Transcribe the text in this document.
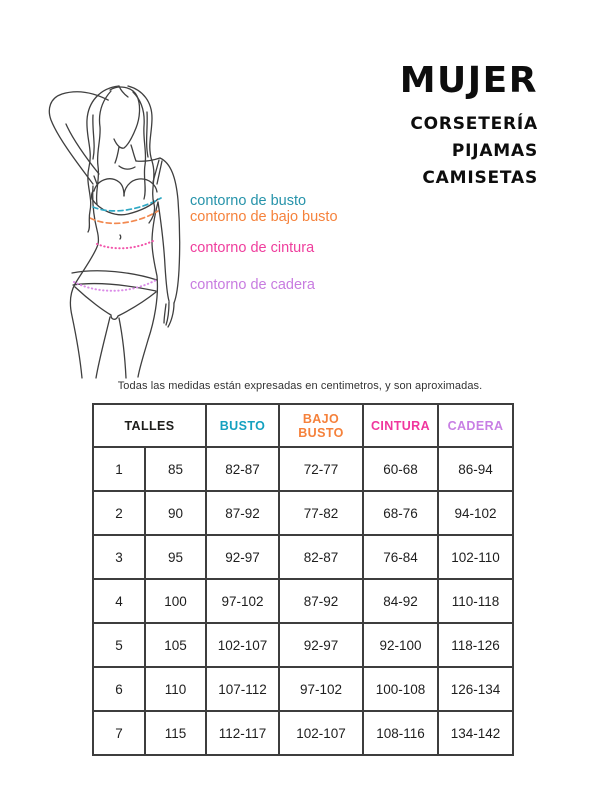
contorno de busto
contorno de bajo busto
contorno de cintura
contorno de cadera
MUJER
CORSETERÍA
PIJAMAS
CAMISETAS
Todas las medidas están expresadas en centimetros, y son aproximadas.
TALLES		BUSTO	BAJO BUSTO	CINTURA	CADERA
1	85	82-87	72-77	60-68	86-94
2	90	87-92	77-82	68-76	94-102
3	95	92-97	82-87	76-84	102-110
4	100	97-102	87-92	84-92	110-118
5	105	102-107	92-97	92-100	118-126
6	110	107-112	97-102	100-108	126-134
7	115	112-117	102-107	108-116	134-142
